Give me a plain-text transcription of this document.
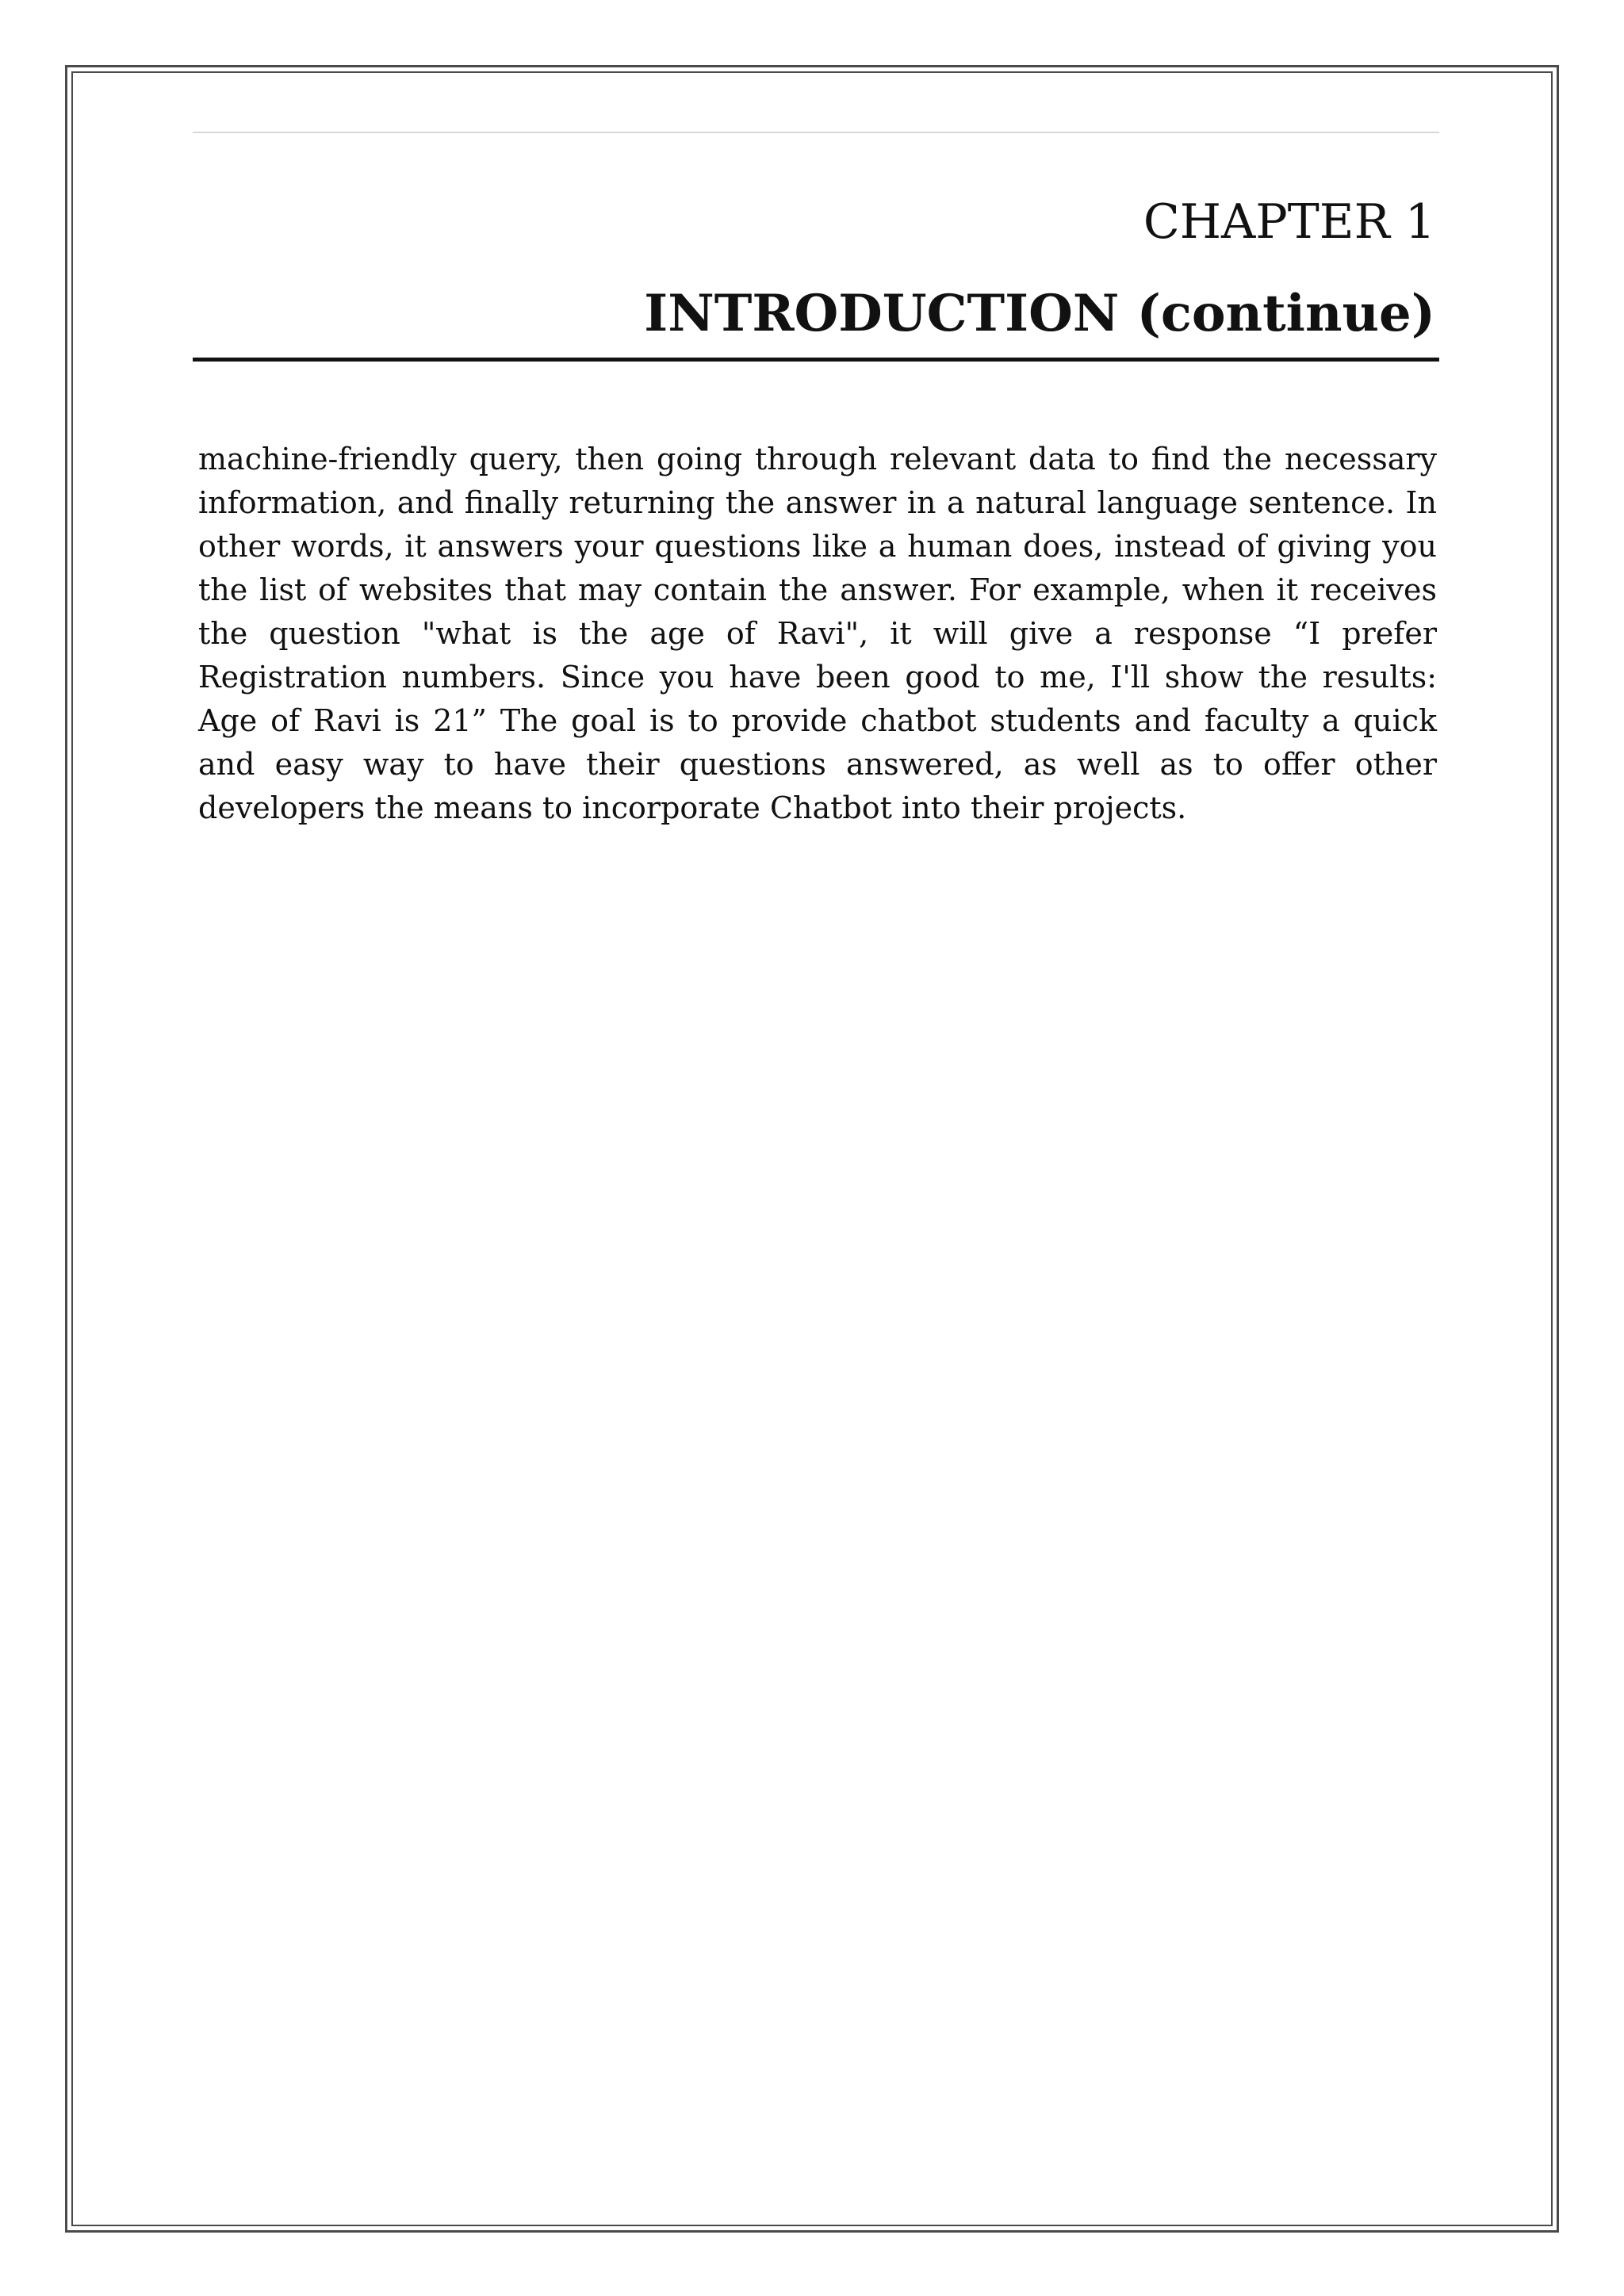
CHAPTER 1
INTRODUCTION (continue)

machine-friendly query, then going through relevant data to find the necessary information, and finally returning the answer in a natural language sentence. In other words, it answers your questions like a human does, instead of giving you the list of websites that may contain the answer. For example, when it receives the question "what is the age of Ravi", it will give a response “I prefer Registration numbers. Since you have been good to me, I'll show the results: Age of Ravi is 21” The goal is to provide chatbot students and faculty a quick and easy way to have their questions answered, as well as to offer other developers the means to incorporate Chatbot into their projects.
